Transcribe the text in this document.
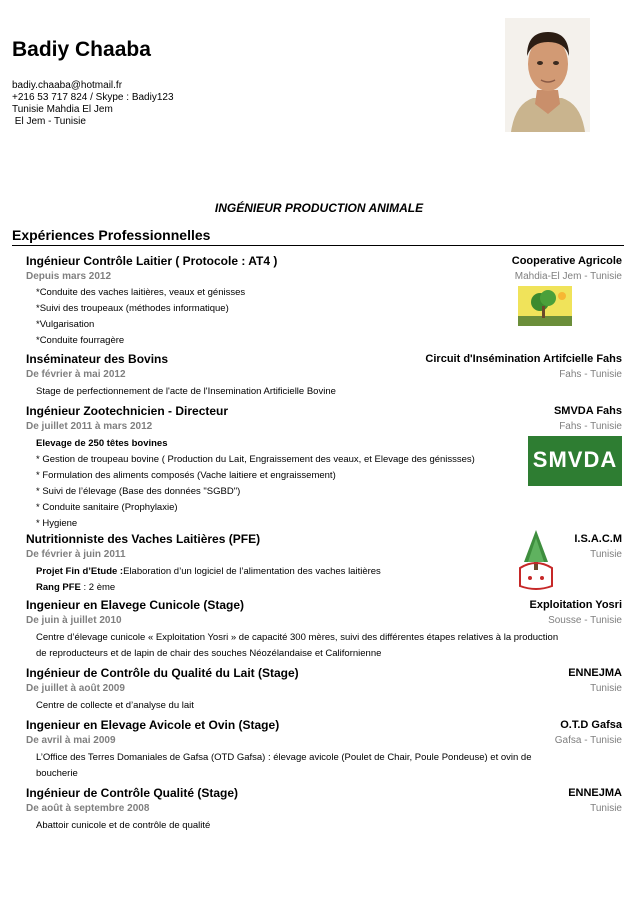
Badiy Chaaba
badiy.chaaba@hotmail.fr
+216 53 717 824 / Skype : Badiy123
Tunisie Mahdia El Jem
El Jem - Tunisie
INGÉNIEUR PRODUCTION ANIMALE
Expériences Professionnelles
Ingénieur Contrôle Laitier ( Protocole : AT4 )	Cooperative Agricole
Depuis mars 2012	Mahdia-El Jem - Tunisie
*Conduite des vaches laitières, veaux et génisses
*Suivi des troupeaux (méthodes informatique)
*Vulgarisation
*Conduite fourragère
Inséminateur des Bovins	Circuit d'Insémination Artifcielle Fahs
De février à mai 2012	Fahs - Tunisie
Stage de perfectionnement de l'acte de l'Insemination Artificielle Bovine
Ingénieur Zootechnicien - Directeur	SMVDA Fahs
De juillet 2011 à mars 2012	Fahs - Tunisie
Elevage de 250 têtes bovines
* Gestion de troupeau bovine ( Production du Lait, Engraissement des veaux, et Elevage des génissses)
* Formulation des aliments composés (Vache laitiere et engraissement)
* Suivi de l’élevage (Base des données "SGBD")
* Conduite sanitaire (Prophylaxie)
* Hygiene
SMVDA
Nutritionniste des Vaches Laitières (PFE)	I.S.A.C.M
De février à juin 2011	Tunisie
Projet Fin d’Etude :Elaboration d’un logiciel de l’alimentation des vaches laitières
Rang PFE : 2 ème
Ingenieur en Elavege Cunicole (Stage)	Exploitation Yosri
De juin à juillet 2010	Sousse - Tunisie
Centre d’élevage cunicole « Exploitation Yosri » de capacité 300 mères, suivi des différentes étapes relatives à la production
de reproducteurs et de lapin de chair des souches Néozélandaise et Californienne
Ingénieur de Contrôle du Qualité du Lait (Stage)	ENNEJMA
De juillet à août 2009	Tunisie
Centre de collecte et d’analyse du lait
Ingenieur en Elevage Avicole et Ovin (Stage)	O.T.D Gafsa
De avril à mai 2009	Gafsa - Tunisie
L’Office des Terres Domaniales de Gafsa (OTD Gafsa) : élevage avicole (Poulet de Chair, Poule Pondeuse) et ovin de
boucherie
Ingénieur de Contrôle Qualité (Stage)	ENNEJMA
De août à septembre 2008	Tunisie
Abattoir cunicole et de contrôle de qualité
